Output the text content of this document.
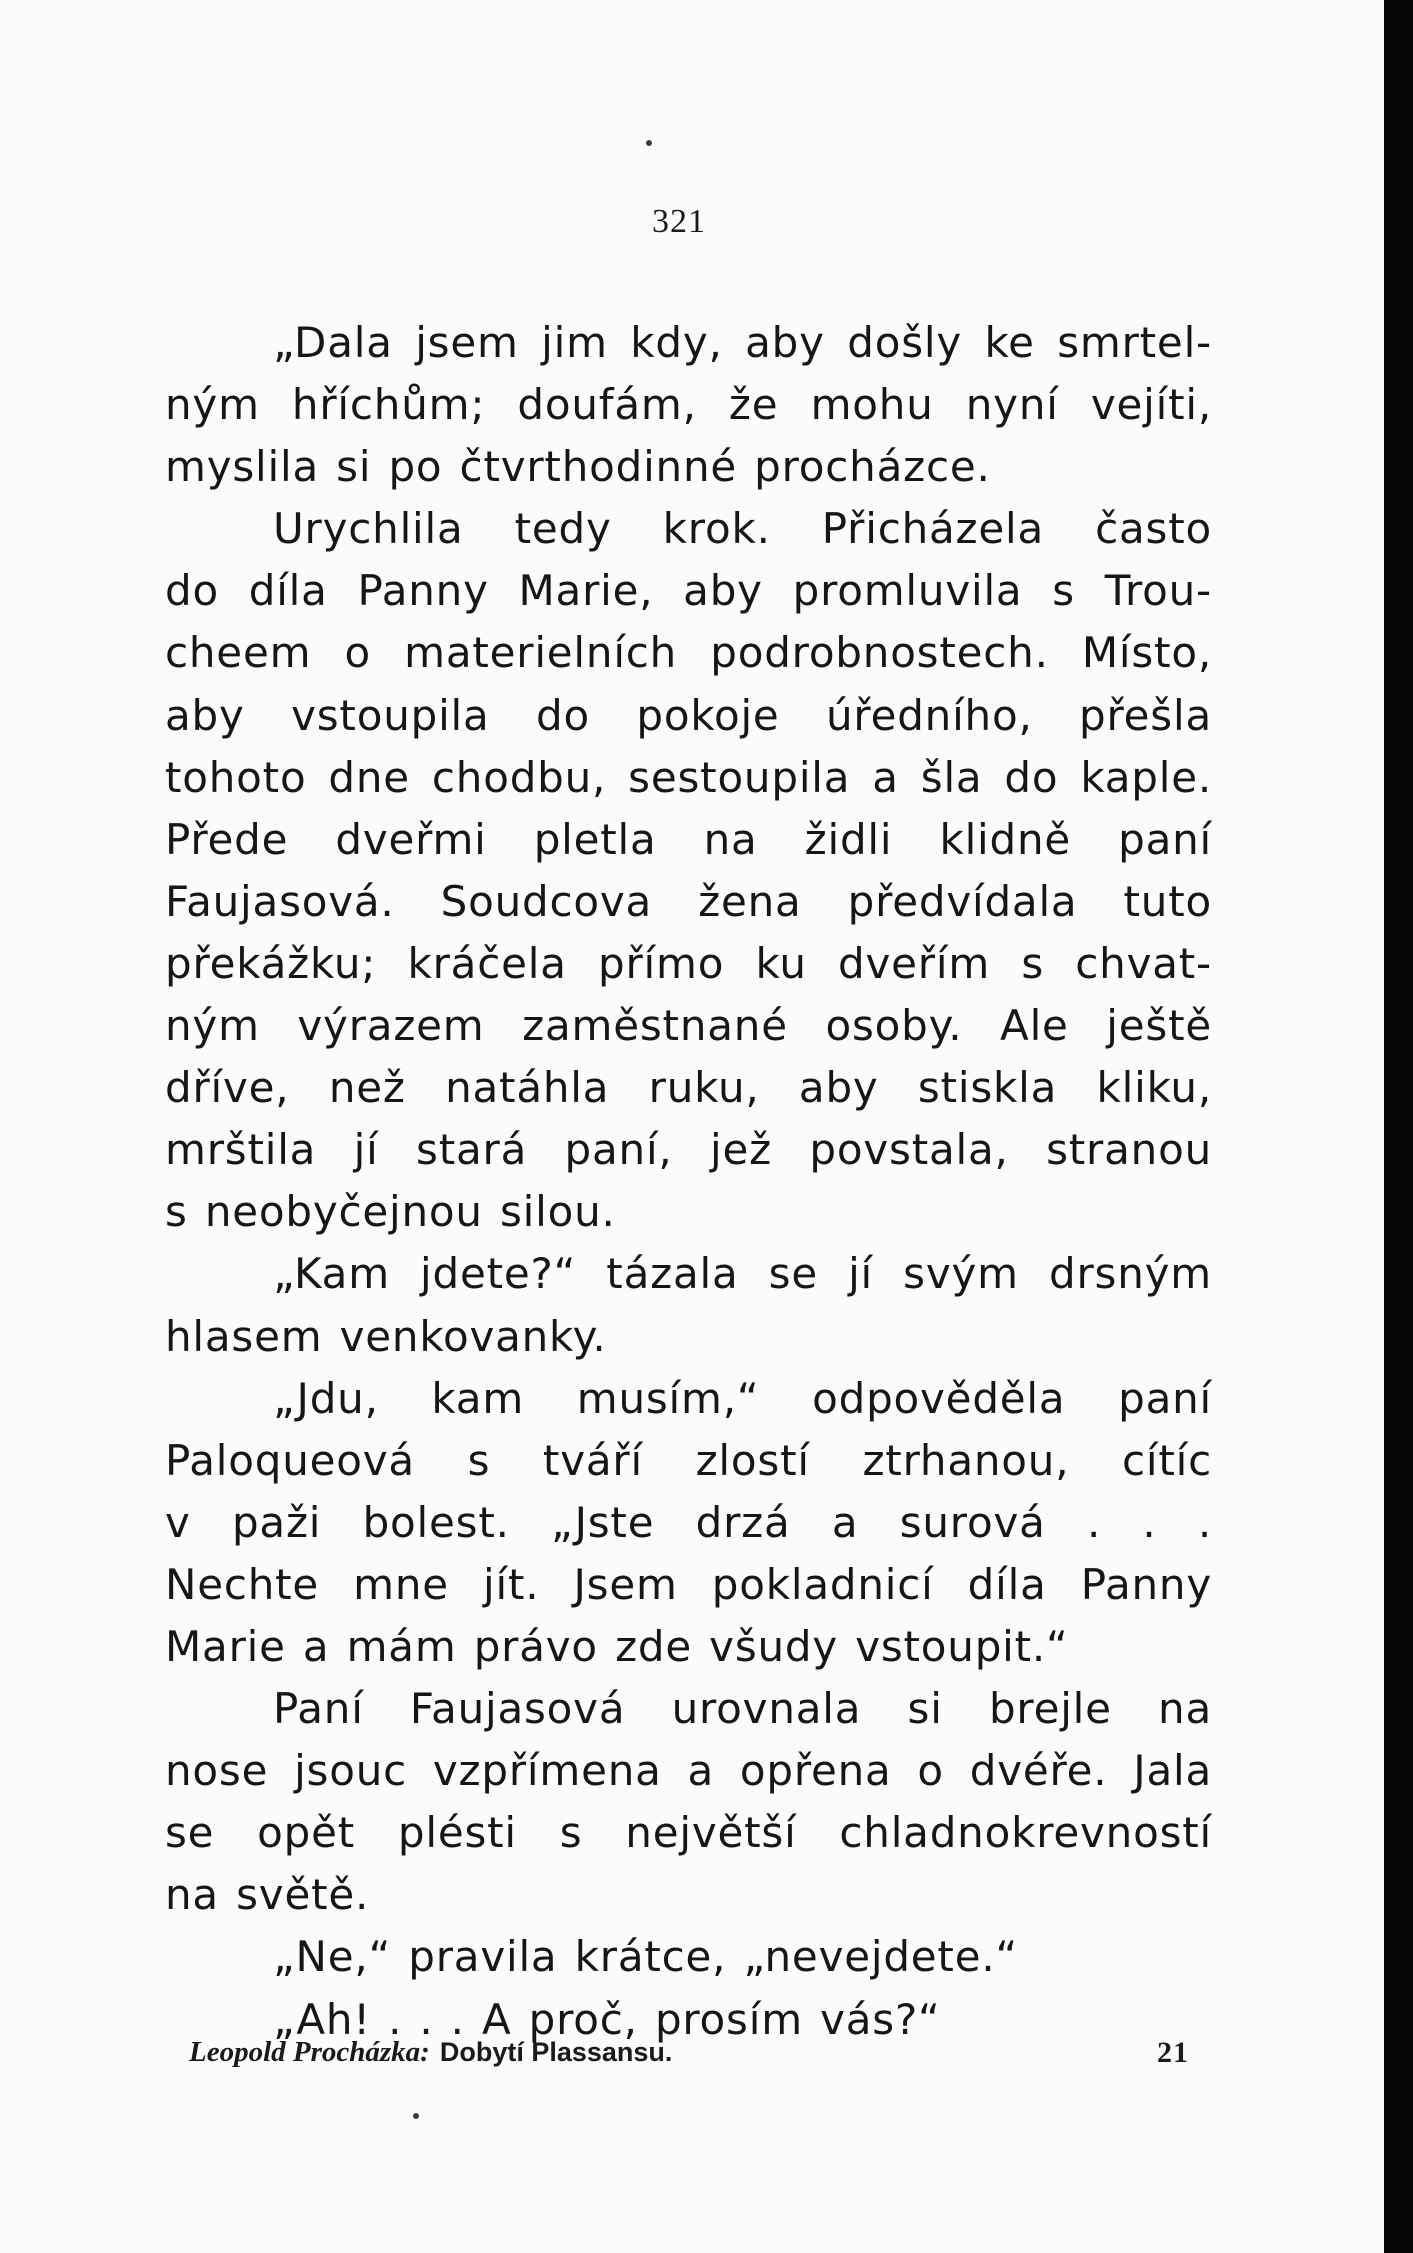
321
„Dala jsem jim kdy, aby došly ke smrtel-
ným hříchům; doufám, že mohu nyní vejíti,
myslila si po čtvrthodinné procházce.
Urychlila tedy krok. Přicházela často
do díla Panny Marie, aby promluvila s Trou-
cheem o materielních podrobnostech. Místo,
aby vstoupila do pokoje úředního, přešla
tohoto dne chodbu, sestoupila a šla do kaple.
Přede dveřmi pletla na židli klidně paní
Faujasová. Soudcova žena předvídala tuto
překážku; kráčela přímo ku dveřím s chvat-
ným výrazem zaměstnané osoby. Ale ještě
dříve, než natáhla ruku, aby stiskla kliku,
mrštila jí stará paní, jež povstala, stranou
s neobyčejnou silou.
„Kam jdete?“ tázala se jí svým drsným
hlasem venkovanky.
„Jdu, kam musím,“ odpověděla paní
Paloqueová s tváří zlostí ztrhanou, cítíc
v paži bolest. „Jste drzá a surová . . .
Nechte mne jít. Jsem pokladnicí díla Panny
Marie a mám právo zde všudy vstoupit.“
Paní Faujasová urovnala si brejle na
nose jsouc vzpřímena a opřena o dvéře. Jala
se opět plésti s největší chladnokrevností
na světě.
„Ne,“ pravila krátce, „nevejdete.“
„Ah! . . . A proč, prosím vás?“
Leopold Procházka: Dobytí Plassansu.	21
